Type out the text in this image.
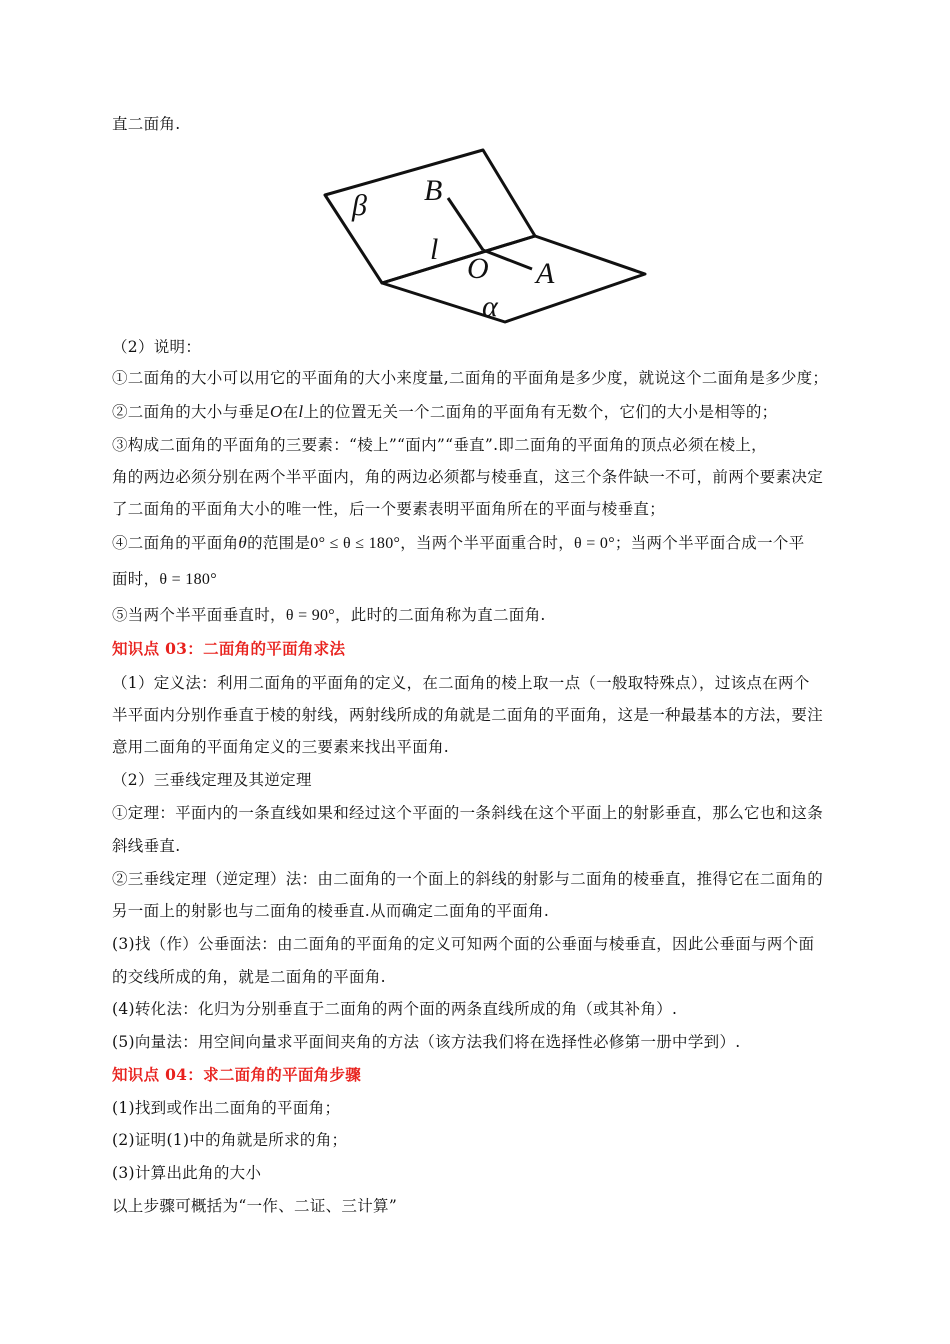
直二面角.
β B
l
O A
α
（2）说明：
①二面角的大小可以用它的平面角的大小来度量,二面角的平面角是多少度，就说这个二面角是多少度；
②二面角的大小与垂足O在l上的位置无关一个二面角的平面角有无数个，它们的大小是相等的；
③构成二面角的平面角的三要素：“棱上”“面内”“垂直”.即二面角的平面角的顶点必须在棱上，
角的两边必须分别在两个半平面内，角的两边必须都与棱垂直，这三个条件缺一不可，前两个要素决定
了二面角的平面角大小的唯一性，后一个要素表明平面角所在的平面与棱垂直；
④二面角的平面角θ的范围是0° ≤ θ ≤ 180°，当两个半平面重合时，θ = 0°；当两个半平面合成一个平
面时，θ = 180°
⑤当两个半平面垂直时，θ = 90°，此时的二面角称为直二面角.
知识点 03：二面角的平面角求法
（1）定义法：利用二面角的平面角的定义，在二面角的棱上取一点（一般取特殊点），过该点在两个
半平面内分别作垂直于棱的射线，两射线所成的角就是二面角的平面角，这是一种最基本的方法，要注
意用二面角的平面角定义的三要素来找出平面角.
（2）三垂线定理及其逆定理
①定理：平面内的一条直线如果和经过这个平面的一条斜线在这个平面上的射影垂直，那么它也和这条
斜线垂直.
②三垂线定理（逆定理）法：由二面角的一个面上的斜线的射影与二面角的棱垂直，推得它在二面角的
另一面上的射影也与二面角的棱垂直.从而确定二面角的平面角.
(3)找（作）公垂面法：由二面角的平面角的定义可知两个面的公垂面与棱垂直，因此公垂面与两个面
的交线所成的角，就是二面角的平面角.
(4)转化法：化归为分别垂直于二面角的两个面的两条直线所成的角（或其补角）.
(5)向量法：用空间向量求平面间夹角的方法（该方法我们将在选择性必修第一册中学到）.
知识点 04：求二面角的平面角步骤
(1)找到或作出二面角的平面角；
(2)证明(1)中的角就是所求的角；
(3)计算出此角的大小
以上步骤可概括为“一作、二证、三计算”
